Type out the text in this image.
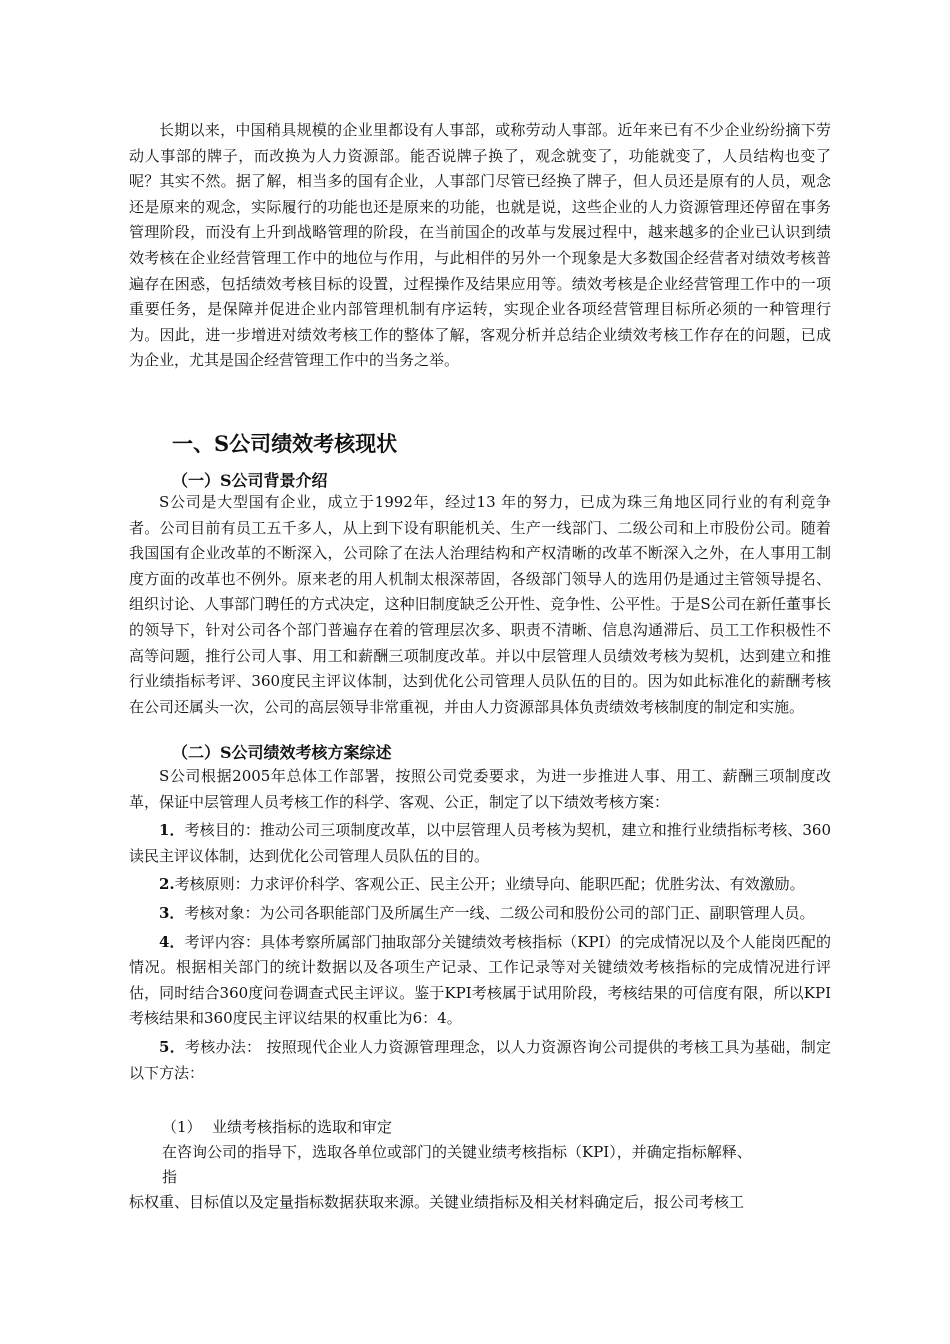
长期以来，中国稍具规模的企业里都设有人事部，或称劳动人事部。近年来已有不少企业纷纷摘下劳动人事部的牌子，而改换为人力资源部。能否说牌子换了，观念就变了，功能就变了，人员结构也变了呢？其实不然。据了解，相当多的国有企业，人事部门尽管已经换了牌子，但人员还是原有的人员，观念还是原来的观念，实际履行的功能也还是原来的功能，也就是说，这些企业的人力资源管理还停留在事务管理阶段，而没有上升到战略管理的阶段，在当前国企的改革与发展过程中，越来越多的企业已认识到绩效考核在企业经营管理工作中的地位与作用，与此相伴的另外一个现象是大多数国企经营者对绩效考核普遍存在困惑，包括绩效考核目标的设置，过程操作及结果应用等。绩效考核是企业经营管理工作中的一项重要任务，是保障并促进企业内部管理机制有序运转，实现企业各项经营管理目标所必须的一种管理行为。因此，进一步增进对绩效考核工作的整体了解，客观分析并总结企业绩效考核工作存在的问题，已成为企业，尤其是国企经营管理工作中的当务之举。

一、S公司绩效考核现状
（一）S公司背景介绍

S公司是大型国有企业，成立于1992年，经过13 年的努力，已成为珠三角地区同行业的有利竞争者。公司目前有员工五千多人，从上到下设有职能机关、生产一线部门、二级公司和上市股份公司。随着我国国有企业改革的不断深入，公司除了在法人治理结构和产权清晰的改革不断深入之外，在人事用工制度方面的改革也不例外。原来老的用人机制太根深蒂固，各级部门领导人的选用仍是通过主管领导提名、组织讨论、人事部门聘任的方式决定，这种旧制度缺乏公开性、竞争性、公平性。于是S公司在新任董事长的领导下，针对公司各个部门普遍存在着的管理层次多、职责不清晰、信息沟通滞后、员工工作积极性不高等问题，推行公司人事、用工和薪酬三项制度改革。并以中层管理人员绩效考核为契机，达到建立和推行业绩指标考评、360度民主评议体制，达到优化公司管理人员队伍的目的。因为如此标准化的薪酬考核在公司还属头一次，公司的高层领导非常重视，并由人力资源部具体负责绩效考核制度的制定和实施。

（二）S公司绩效考核方案综述

S公司根据2005年总体工作部署，按照公司党委要求，为进一步推进人事、用工、薪酬三项制度改革，保证中层管理人员考核工作的科学、客观、公正，制定了以下绩效考核方案：

1．考核目的：推动公司三项制度改革，以中层管理人员考核为契机，建立和推行业绩指标考核、360读民主评议体制，达到优化公司管理人员队伍的目的。

2.考核原则：力求评价科学、客观公正、民主公开；业绩导向、能职匹配；优胜劣汰、有效激励。

3．考核对象：为公司各职能部门及所属生产一线、二级公司和股份公司的部门正、副职管理人员。

4．考评内容：具体考察所属部门抽取部分关键绩效考核指标（KPI）的完成情况以及个人能岗匹配的情况。根据相关部门的统计数据以及各项生产记录、工作记录等对关键绩效考核指标的完成情况进行评估，同时结合360度问卷调查式民主评议。鉴于KPI考核属于试用阶段，考核结果的可信度有限，所以KPI考核结果和360度民主评议结果的权重比为6：4。

5．考核办法： 按照现代企业人力资源管理理念，以人力资源咨询公司提供的考核工具为基础，制定以下方法：

（1） 业绩考核指标的选取和审定

在咨询公司的指导下，选取各单位或部门的关键业绩考核指标（KPI），并确定指标解释、

指

标权重、目标值以及定量指标数据获取来源。关键业绩指标及相关材料确定后，报公司考核工
